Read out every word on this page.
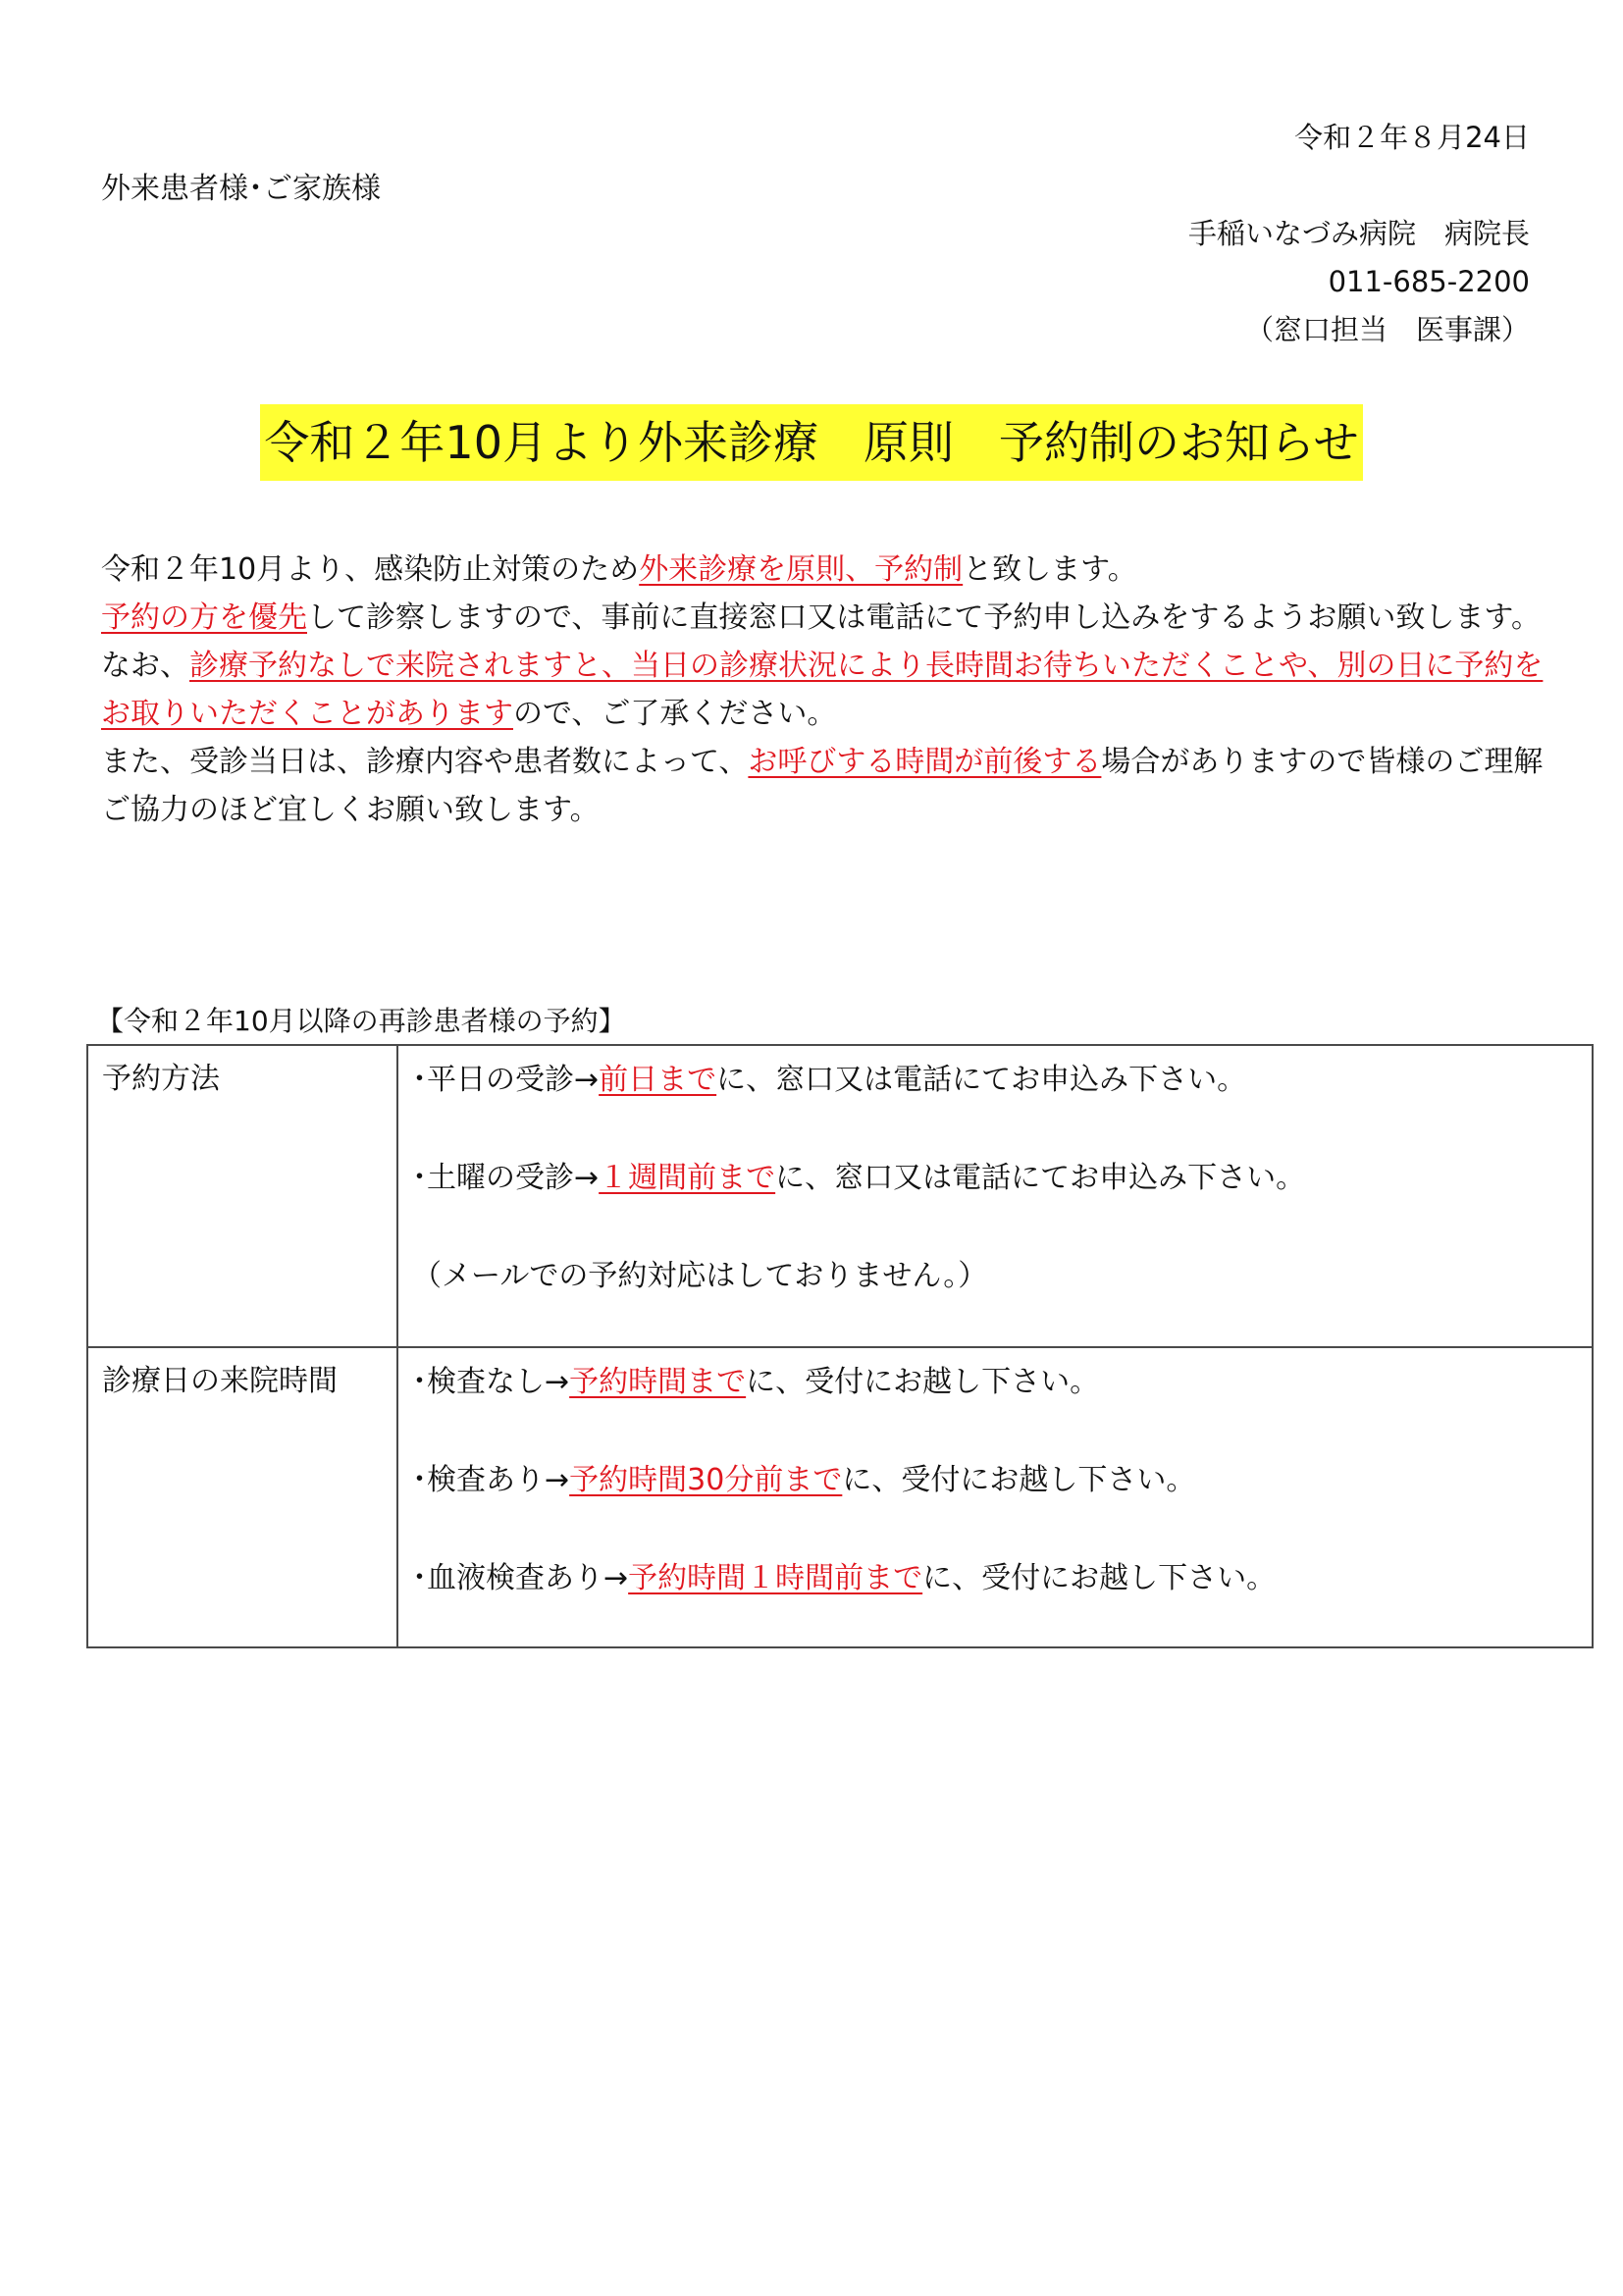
令和２年８月24日
外来患者様･ご家族様
手稲いなづみ病院　病院長
011-685-2200
（窓口担当　医事課）
令和２年10月より外来診療　原則　予約制のお知らせ

令和２年10月より、感染防止対策のため外来診療を原則、予約制と致します。

予約の方を優先して診察しますので、事前に直接窓口又は電話にて予約申し込みをするようお願い致します。

なお、診療予約なしで来院されますと、当日の診療状況により長時間お待ちいただくことや、別の日に予約をお取りいただくことがありますので、ご了承ください。

また、受診当日は、診療内容や患者数によって、お呼びする時間が前後する場合がありますので皆様のご理解ご協力のほど宜しくお願い致します。

【令和２年10月以降の再診患者様の予約】
予約方法	･平日の受診→前日までに、窓口又は電話にてお申込み下さい。
･土曜の受診→１週間前までに、窓口又は電話にてお申込み下さい。
（メールでの予約対応はしておりません。）

診療日の来院時間	･検査なし→予約時間までに、受付にお越し下さい。
･検査あり→予約時間30分前までに、受付にお越し下さい。
･血液検査あり→予約時間１時間前までに、受付にお越し下さい。
